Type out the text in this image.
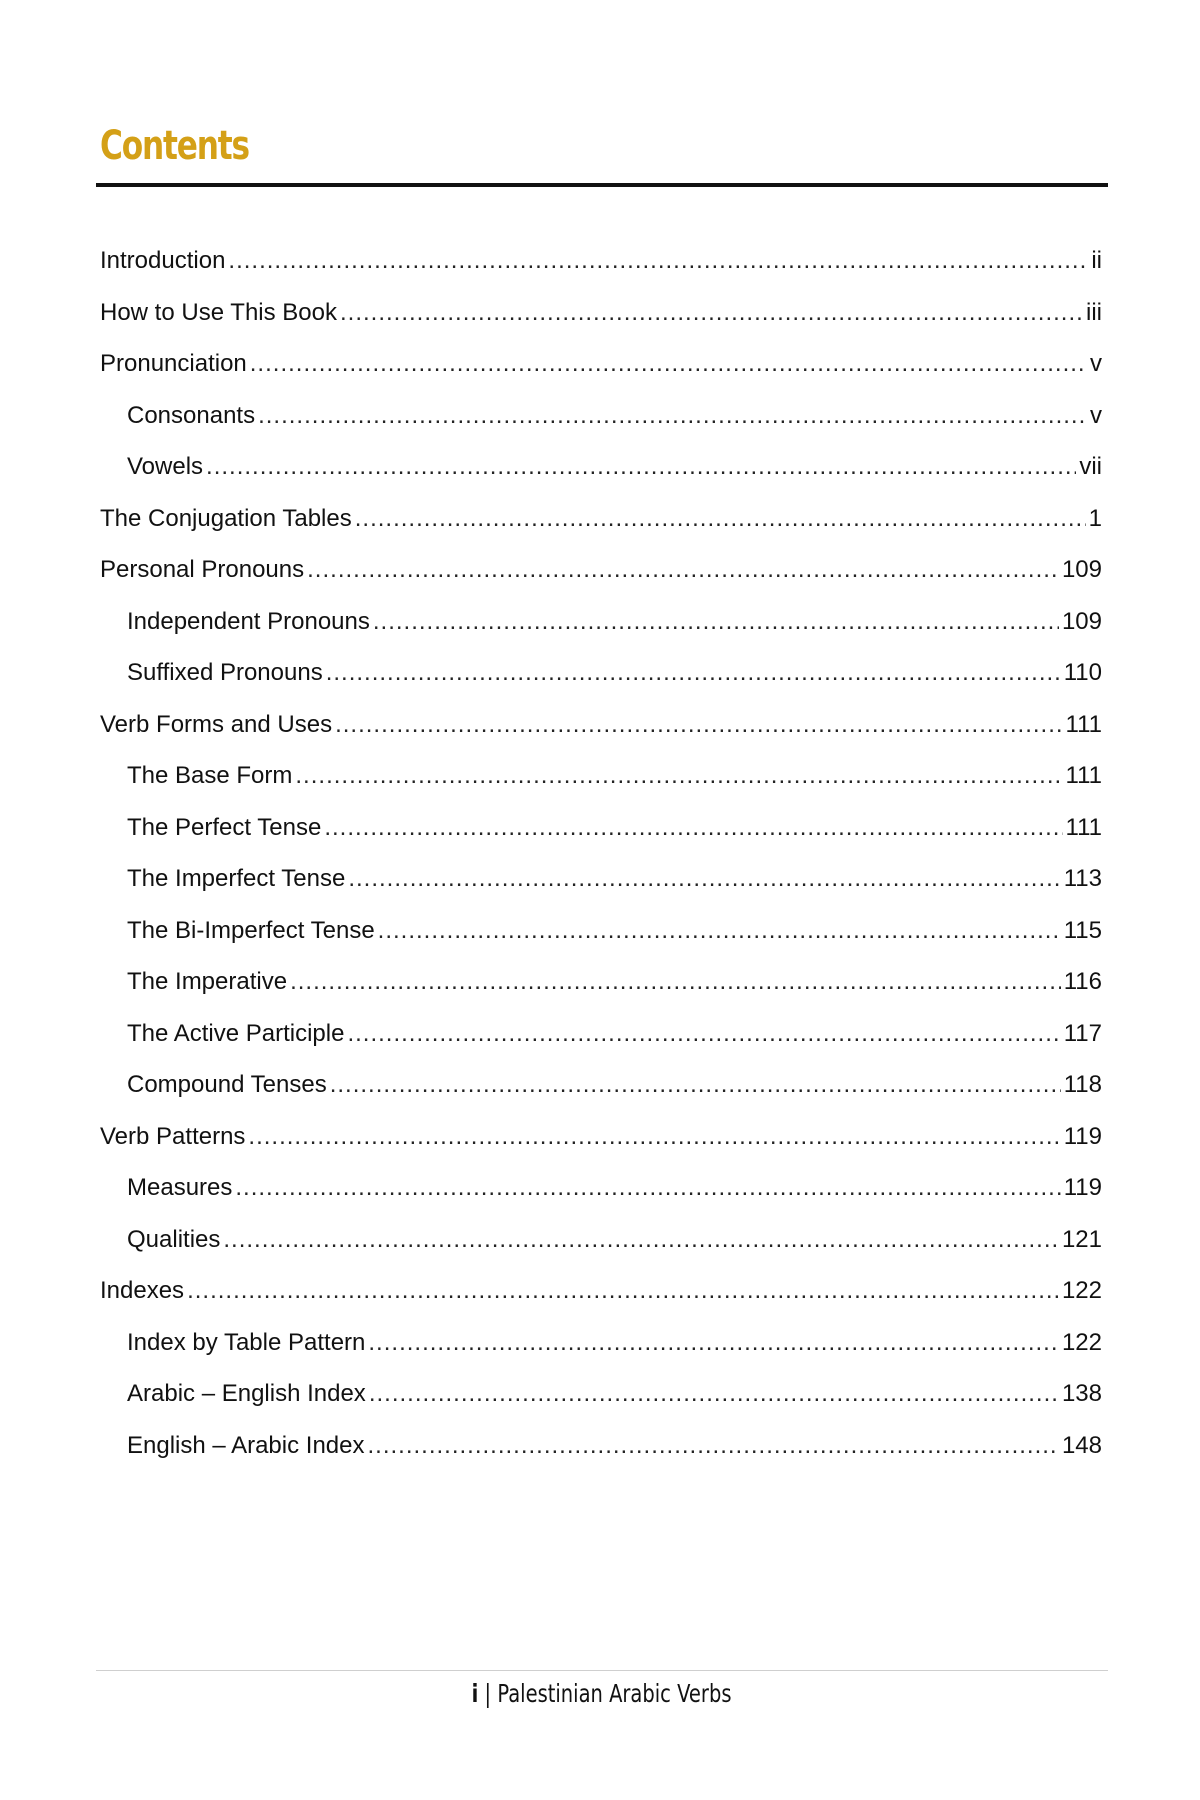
Contents
Introduction .....	ii
How to Use This Book .....	iii
Pronunciation .....	v
Consonants .....	v
Vowels .....	vii
The Conjugation Tables .....	1
Personal Pronouns .....	109
Independent Pronouns .....	109
Suffixed Pronouns .....	110
Verb Forms and Uses .....	111
The Base Form .....	111
The Perfect Tense .....	111
The Imperfect Tense .....	113
The Bi-Imperfect Tense .....	115
The Imperative .....	116
The Active Participle .....	117
Compound Tenses .....	118
Verb Patterns .....	119
Measures .....	119
Qualities .....	121
Indexes .....	122
Index by Table Pattern .....	122
Arabic – English Index .....	138
English – Arabic Index .....	148
i | Palestinian Arabic Verbs
